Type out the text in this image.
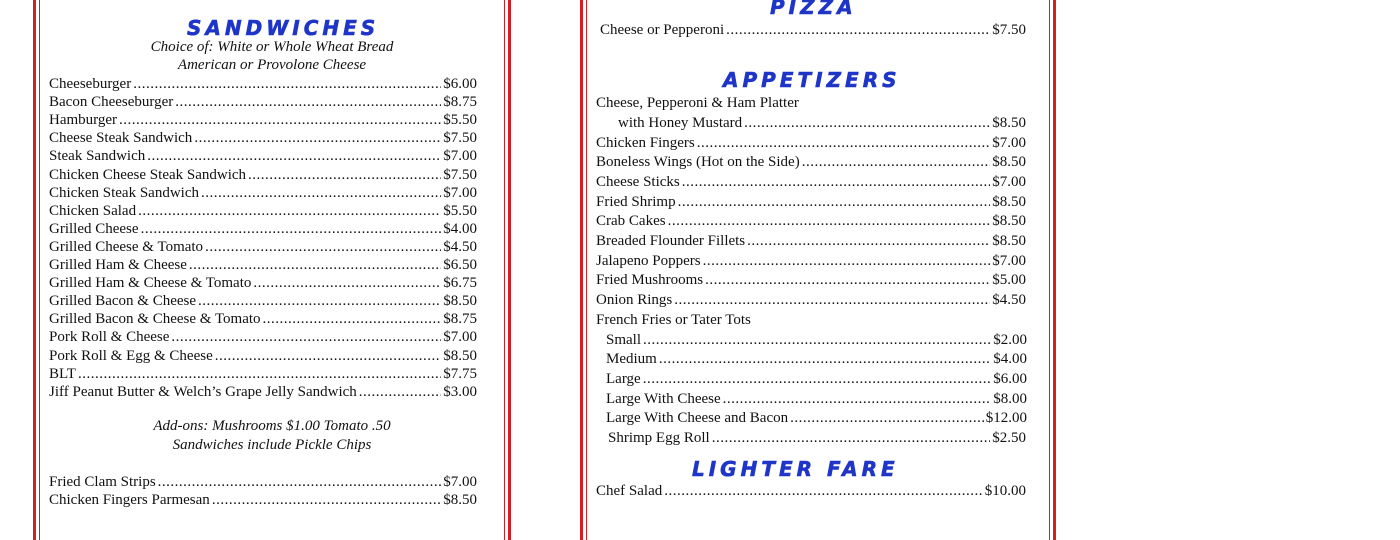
SANDWICHES
Choice of: White or Whole Wheat Bread
American or Provolone Cheese
Cheeseburger .....	$6.00
Bacon Cheeseburger .....	$8.75
Hamburger .....	$5.50
Cheese Steak Sandwich .....	$7.50
Steak Sandwich .....	$7.00
Chicken Cheese Steak Sandwich .....	$7.50
Chicken Steak Sandwich .....	$7.00
Chicken Salad .....	$5.50
Grilled Cheese .....	$4.00
Grilled Cheese & Tomato .....	$4.50
Grilled Ham & Cheese .....	$6.50
Grilled Ham & Cheese & Tomato .....	$6.75
Grilled Bacon & Cheese .....	$8.50
Grilled Bacon & Cheese & Tomato .....	$8.75
Pork Roll & Cheese .....	$7.00
Pork Roll & Egg & Cheese .....	$8.50
BLT .....	$7.75
Jiff Peanut Butter & Welch’s Grape Jelly Sandwich .....	$3.00
Add-ons: Mushrooms $1.00 Tomato .50
Sandwiches include Pickle Chips
Fried Clam Strips .....	$7.00
Chicken Fingers Parmesan .....	$8.50
PIZZA
Cheese or Pepperoni .....	$7.50
APPETIZERS
Cheese, Pepperoni & Ham Platter
with Honey Mustard .....	$8.50
Chicken Fingers .....	$7.00
Boneless Wings (Hot on the Side) .....	$8.50
Cheese Sticks .....	$7.00
Fried Shrimp .....	$8.50
Crab Cakes .....	$8.50
Breaded Flounder Fillets .....	$8.50
Jalapeno Poppers .....	$7.00
Fried Mushrooms .....	$5.00
Onion Rings .....	$4.50
French Fries or Tater Tots
Small .....	$2.00
Medium .....	$4.00
Large .....	$6.00
Large With Cheese .....	$8.00
Large With Cheese and Bacon .....	$12.00
Shrimp Egg Roll .....	$2.50
LIGHTER FARE
Chef Salad .....	$10.00
